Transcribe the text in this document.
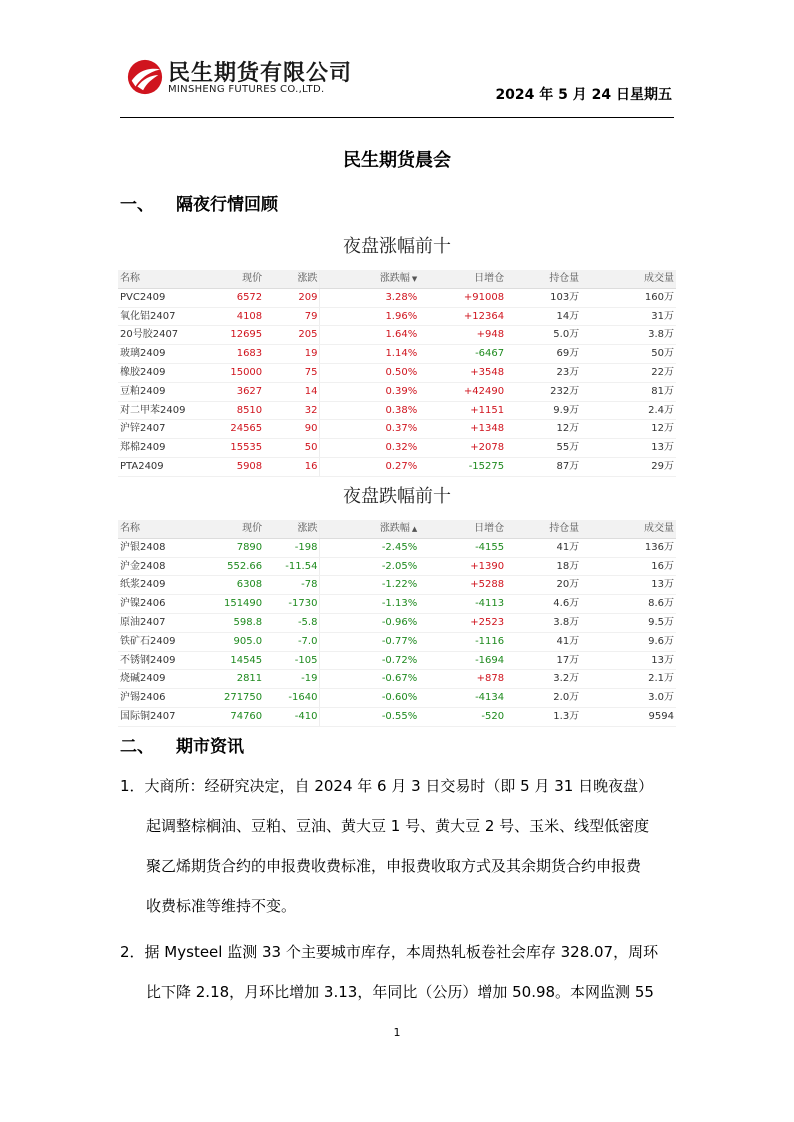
民生期货有限公司
MINSHENG FUTURES CO.,LTD.	2024 年 5 月 24 日星期五
民生期货晨会
一、 隔夜行情回顾
夜盘涨幅前十
名称	现价	涨跌	涨跌幅 ▼	日增仓	持仓量	成交量
PVC2409	6572	209	3.28%	+91008	103万	160万
氧化铝2407	4108	79	1.96%	+12364	14万	31万
20号胶2407	12695	205	1.64%	+948	5.0万	3.8万
玻璃2409	1683	19	1.14%	-6467	69万	50万
橡胶2409	15000	75	0.50%	+3548	23万	22万
豆粕2409	3627	14	0.39%	+42490	232万	81万
对二甲苯2409	8510	32	0.38%	+1151	9.9万	2.4万
沪锌2407	24565	90	0.37%	+1348	12万	12万
郑棉2409	15535	50	0.32%	+2078	55万	13万
PTA2409	5908	16	0.27%	-15275	87万	29万
夜盘跌幅前十
名称	现价	涨跌	涨跌幅 ▲	日增仓	持仓量	成交量
沪银2408	7890	-198	-2.45%	-4155	41万	136万
沪金2408	552.66	-11.54	-2.05%	+1390	18万	16万
纸浆2409	6308	-78	-1.22%	+5288	20万	13万
沪镍2406	151490	-1730	-1.13%	-4113	4.6万	8.6万
原油2407	598.8	-5.8	-0.96%	+2523	3.8万	9.5万
铁矿石2409	905.0	-7.0	-0.77%	-1116	41万	9.6万
不锈钢2409	14545	-105	-0.72%	-1694	17万	13万
烧碱2409	2811	-19	-0.67%	+878	3.2万	2.1万
沪锡2406	271750	-1640	-0.60%	-4134	2.0万	3.0万
国际铜2407	74760	-410	-0.55%	-520	1.3万	9594
二、 期市资讯
1．大商所：经研究决定，自 2024 年 6 月 3 日交易时（即 5 月 31 日晚夜盘）
起调整棕榈油、豆粕、豆油、黄大豆 1 号、黄大豆 2 号、玉米、线型低密度
聚乙烯期货合约的申报费收费标准，申报费收取方式及其余期货合约申报费
收费标准等维持不变。
2．据 Mysteel 监测 33 个主要城市库存，本周热轧板卷社会库存 328.07，周环
比下降 2.18，月环比增加 3.13，年同比（公历）增加 50.98。本网监测 55
1
